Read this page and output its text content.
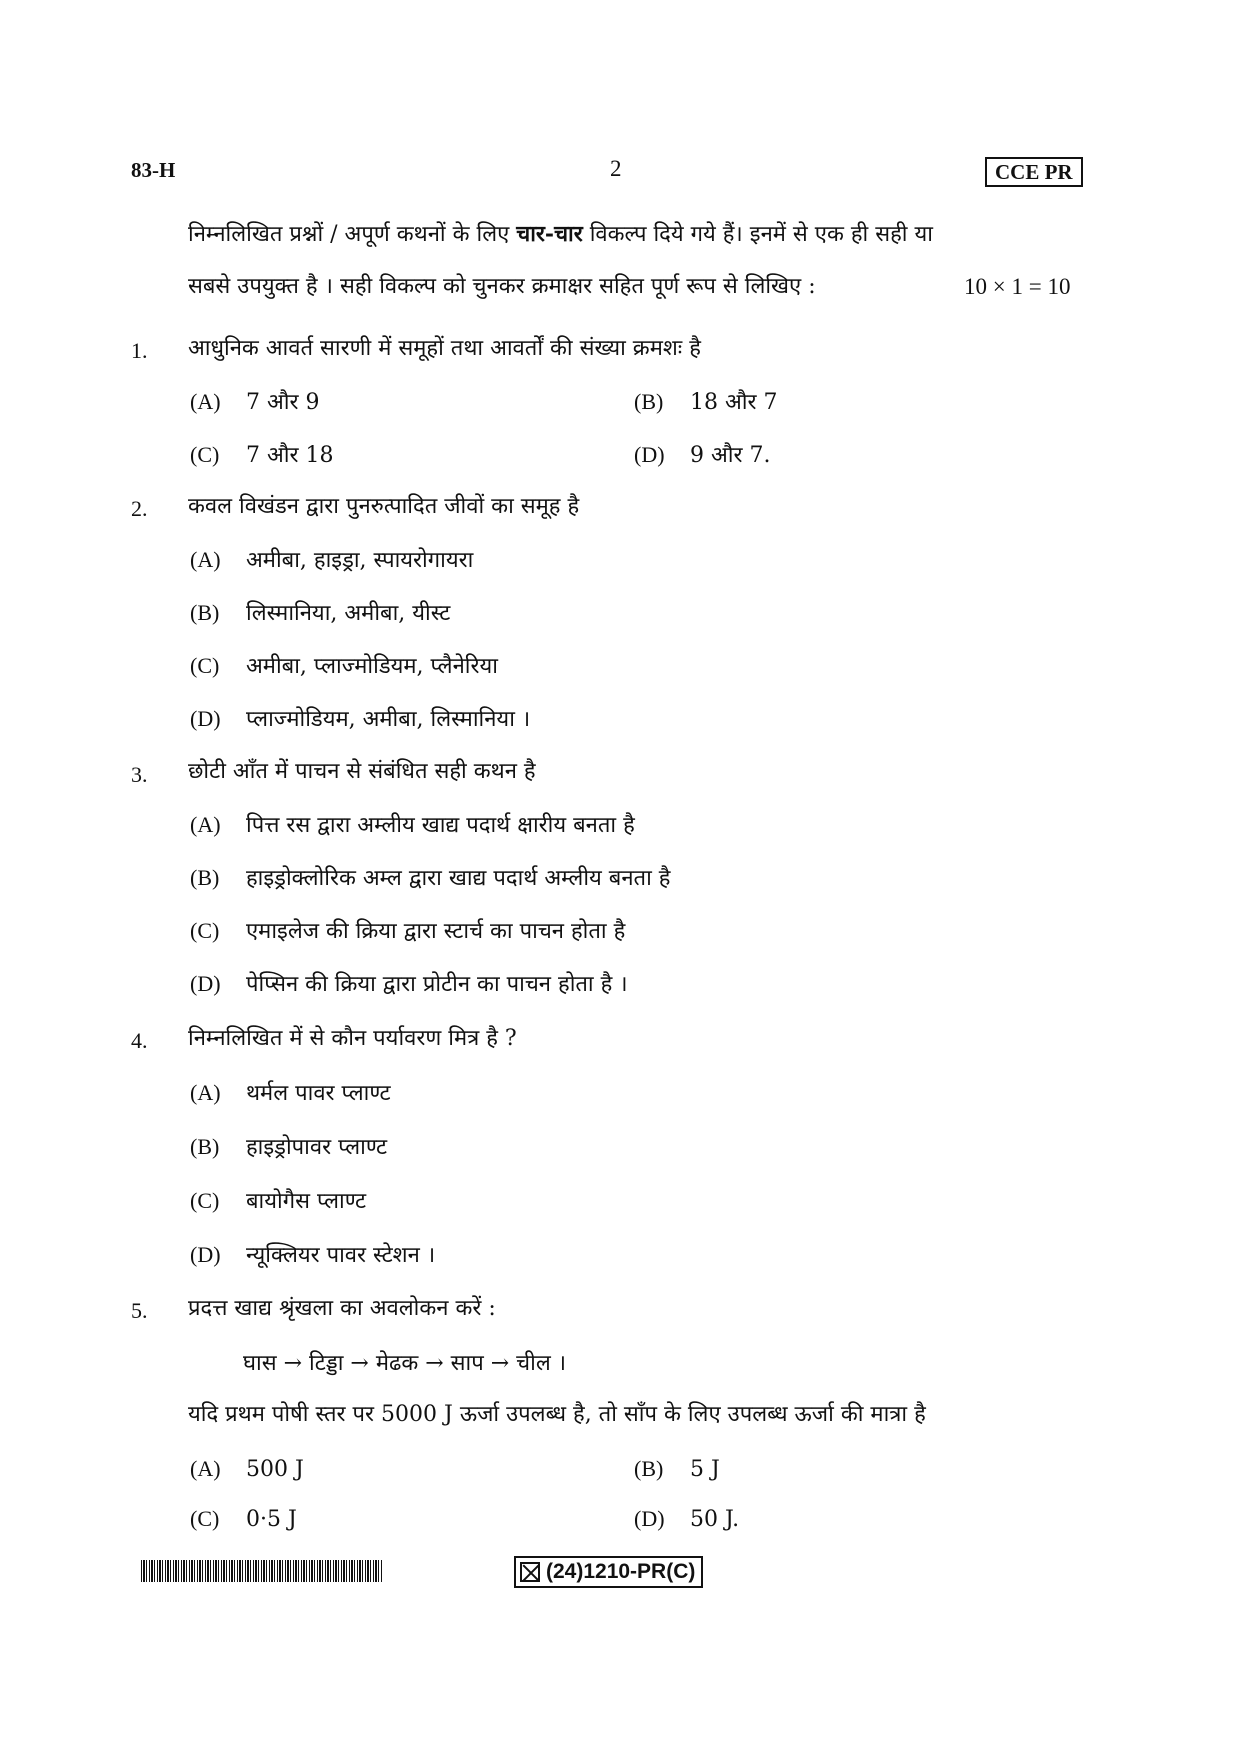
83-H	2	CCE PR
निम्नलिखित प्रश्नों / अपूर्ण कथनों के लिए चार-चार विकल्प दिये गये हैं। इनमें से एक ही सही या
सबसे उपयुक्त है । सही विकल्प को चुनकर क्रमाक्षर सहित पूर्ण रूप से लिखिए :	10 × 1 = 10
1. आधुनिक आवर्त सारणी में समूहों तथा आवर्तों की संख्या क्रमशः है
(A) 7 और 9	(B) 18 और 7
(C) 7 और 18	(D) 9 और 7.
2. कवल विखंडन द्वारा पुनरुत्पादित जीवों का समूह है
(A) अमीबा, हाइड्रा, स्पायरोगायरा
(B) लिस्मानिया, अमीबा, यीस्ट
(C) अमीबा, प्लाज्मोडियम, प्लैनेरिया
(D) प्लाज्मोडियम, अमीबा, लिस्मानिया ।
3. छोटी आँत में पाचन से संबंधित सही कथन है
(A) पित्त रस द्वारा अम्लीय खाद्य पदार्थ क्षारीय बनता है
(B) हाइड्रोक्लोरिक अम्ल द्वारा खाद्य पदार्थ अम्लीय बनता है
(C) एमाइलेज की क्रिया द्वारा स्टार्च का पाचन होता है
(D) पेप्सिन की क्रिया द्वारा प्रोटीन का पाचन होता है ।
4. निम्नलिखित में से कौन पर्यावरण मित्र है ?
(A) थर्मल पावर प्लाण्ट
(B) हाइड्रोपावर प्लाण्ट
(C) बायोगैस प्लाण्ट
(D) न्यूक्लियर पावर स्टेशन ।
5. प्रदत्त खाद्य श्रृंखला का अवलोकन करें :
घास → टिड्डा → मेढक → साप → चील ।
यदि प्रथम पोषी स्तर पर 5000 J ऊर्जा उपलब्ध है, तो साँप के लिए उपलब्ध ऊर्जा की मात्रा है
(A) 500 J	(B) 5 J
(C) 0·5 J	(D) 50 J.
(24)1210-PR(C)
